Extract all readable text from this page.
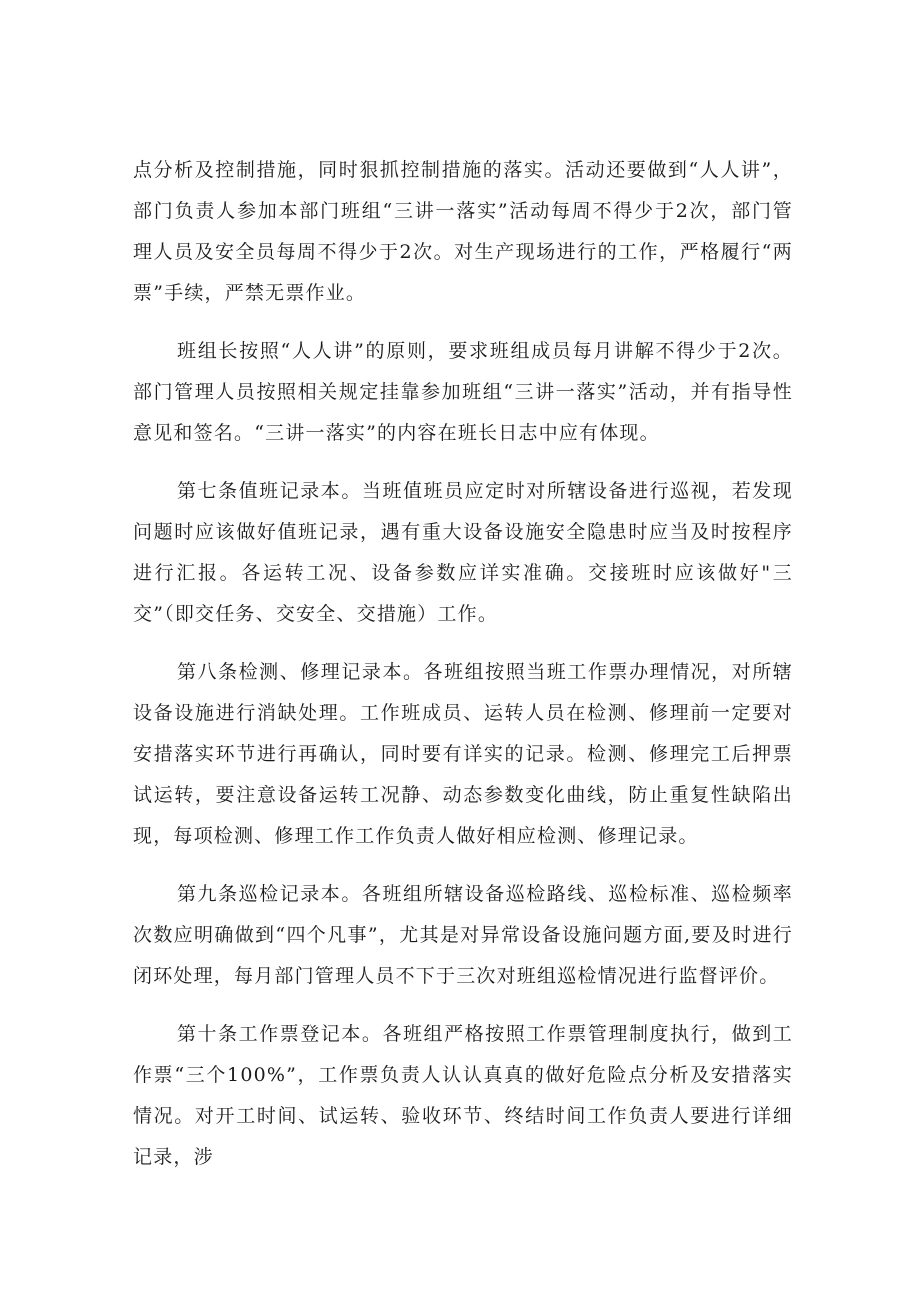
点分析及控制措施，同时狠抓控制措施的落实。活动还要做到“人人讲”，部门负责人参加本部门班组“三讲一落实”活动每周不得少于2次，部门管理人员及安全员每周不得少于2次。对生产现场进行的工作，严格履行“两票”手续，严禁无票作业。

班组长按照“人人讲”的原则，要求班组成员每月讲解不得少于2次。部门管理人员按照相关规定挂靠参加班组“三讲一落实”活动，并有指导性意见和签名。“三讲一落实”的内容在班长日志中应有体现。

第七条值班记录本。当班值班员应定时对所辖设备进行巡视，若发现问题时应该做好值班记录，遇有重大设备设施安全隐患时应当及时按程序进行汇报。各运转工况、设备参数应详实准确。交接班时应该做好"三交”（即交任务、交安全、交措施）工作。

第八条检测、修理记录本。各班组按照当班工作票办理情况，对所辖设备设施进行消缺处理。工作班成员、运转人员在检测、修理前一定要对安措落实环节进行再确认，同时要有详实的记录。检测、修理完工后押票试运转，要注意设备运转工况静、动态参数变化曲线，防止重复性缺陷出现，每项检测、修理工作工作负责人做好相应检测、修理记录。

第九条巡检记录本。各班组所辖设备巡检路线、巡检标准、巡检频率次数应明确做到“四个凡事”，尤其是对异常设备设施问题方面,要及时进行闭环处理，每月部门管理人员不下于三次对班组巡检情况进行监督评价。

第十条工作票登记本。各班组严格按照工作票管理制度执行，做到工作票“三个100%”，工作票负责人认认真真的做好危险点分析及安措落实情况。对开工时间、试运转、验收环节、终结时间工作负责人要进行详细记录，涉
